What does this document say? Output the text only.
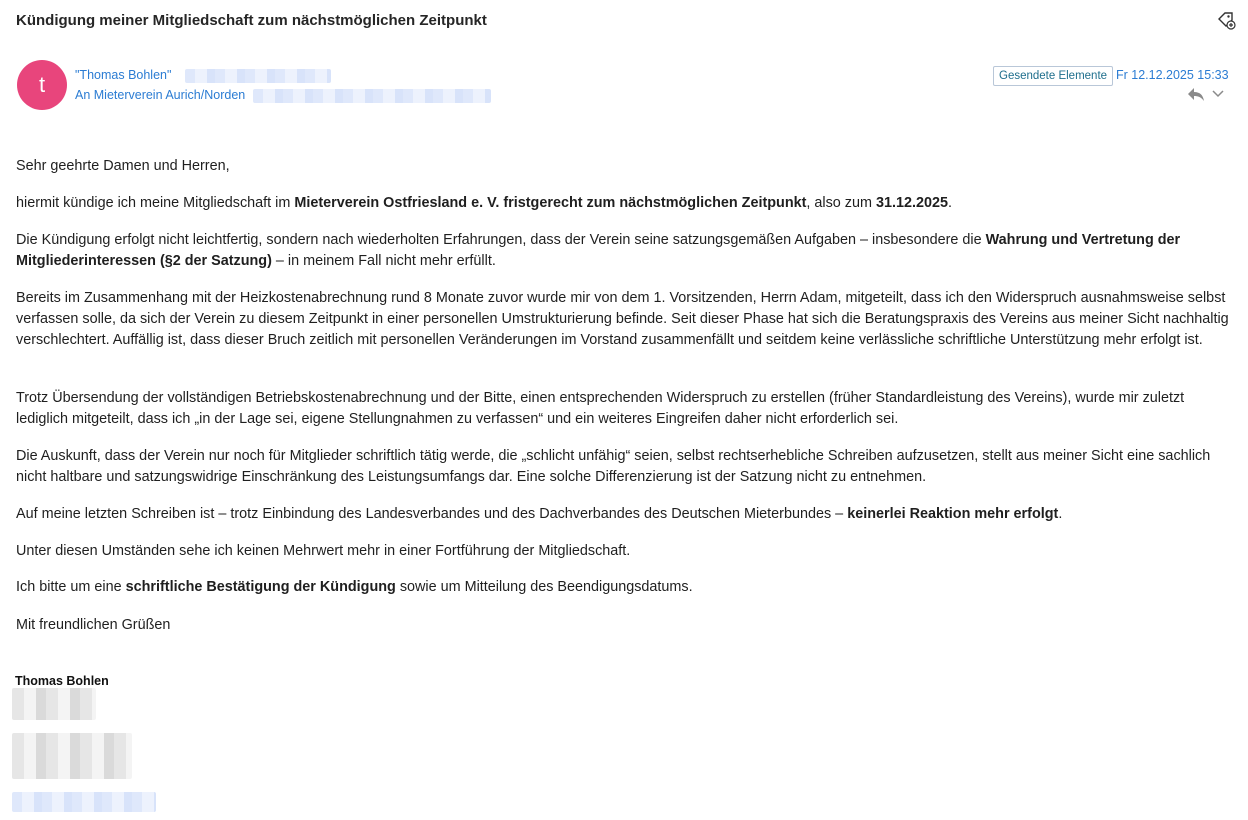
Kündigung meiner Mitgliedschaft zum nächstmöglichen Zeitpunkt
t "Thomas Bohlen"
An Mieterverein Aurich/Norden
Gesendete Elemente Fr 12.12.2025 15:33

Sehr geehrte Damen und Herren,

hiermit kündige ich meine Mitgliedschaft im Mieterverein Ostfriesland e. V. fristgerecht zum nächstmöglichen Zeitpunkt, also zum 31.12.2025.

Die Kündigung erfolgt nicht leichtfertig, sondern nach wiederholten Erfahrungen, dass der Verein seine satzungsgemäßen Aufgaben – insbesondere die Wahrung und Vertretung der Mitgliederinteressen (§2 der Satzung) – in meinem Fall nicht mehr erfüllt.

Bereits im Zusammenhang mit der Heizkostenabrechnung rund 8 Monate zuvor wurde mir von dem 1. Vorsitzenden, Herrn Adam, mitgeteilt, dass ich den Widerspruch ausnahmsweise selbst verfassen solle, da sich der Verein zu diesem Zeitpunkt in einer personellen Umstrukturierung befinde. Seit dieser Phase hat sich die Beratungspraxis des Vereins aus meiner Sicht nachhaltig verschlechtert. Auffällig ist, dass dieser Bruch zeitlich mit personellen Veränderungen im Vorstand zusammenfällt und seitdem keine verlässliche schriftliche Unterstützung mehr erfolgt ist.

Trotz Übersendung der vollständigen Betriebskostenabrechnung und der Bitte, einen entsprechenden Widerspruch zu erstellen (früher Standardleistung des Vereins), wurde mir zuletzt lediglich mitgeteilt, dass ich „in der Lage sei, eigene Stellungnahmen zu verfassen“ und ein weiteres Eingreifen daher nicht erforderlich sei.

Die Auskunft, dass der Verein nur noch für Mitglieder schriftlich tätig werde, die „schlicht unfähig“ seien, selbst rechtserhebliche Schreiben aufzusetzen, stellt aus meiner Sicht eine sachlich nicht haltbare und satzungswidrige Einschränkung des Leistungsumfangs dar. Eine solche Differenzierung ist der Satzung nicht zu entnehmen.

Auf meine letzten Schreiben ist – trotz Einbindung des Landesverbandes und des Dachverbandes des Deutschen Mieterbundes – keinerlei Reaktion mehr erfolgt.

Unter diesen Umständen sehe ich keinen Mehrwert mehr in einer Fortführung der Mitgliedschaft.

Ich bitte um eine schriftliche Bestätigung der Kündigung sowie um Mitteilung des Beendigungsdatums.

Mit freundlichen Grüßen

Thomas Bohlen
